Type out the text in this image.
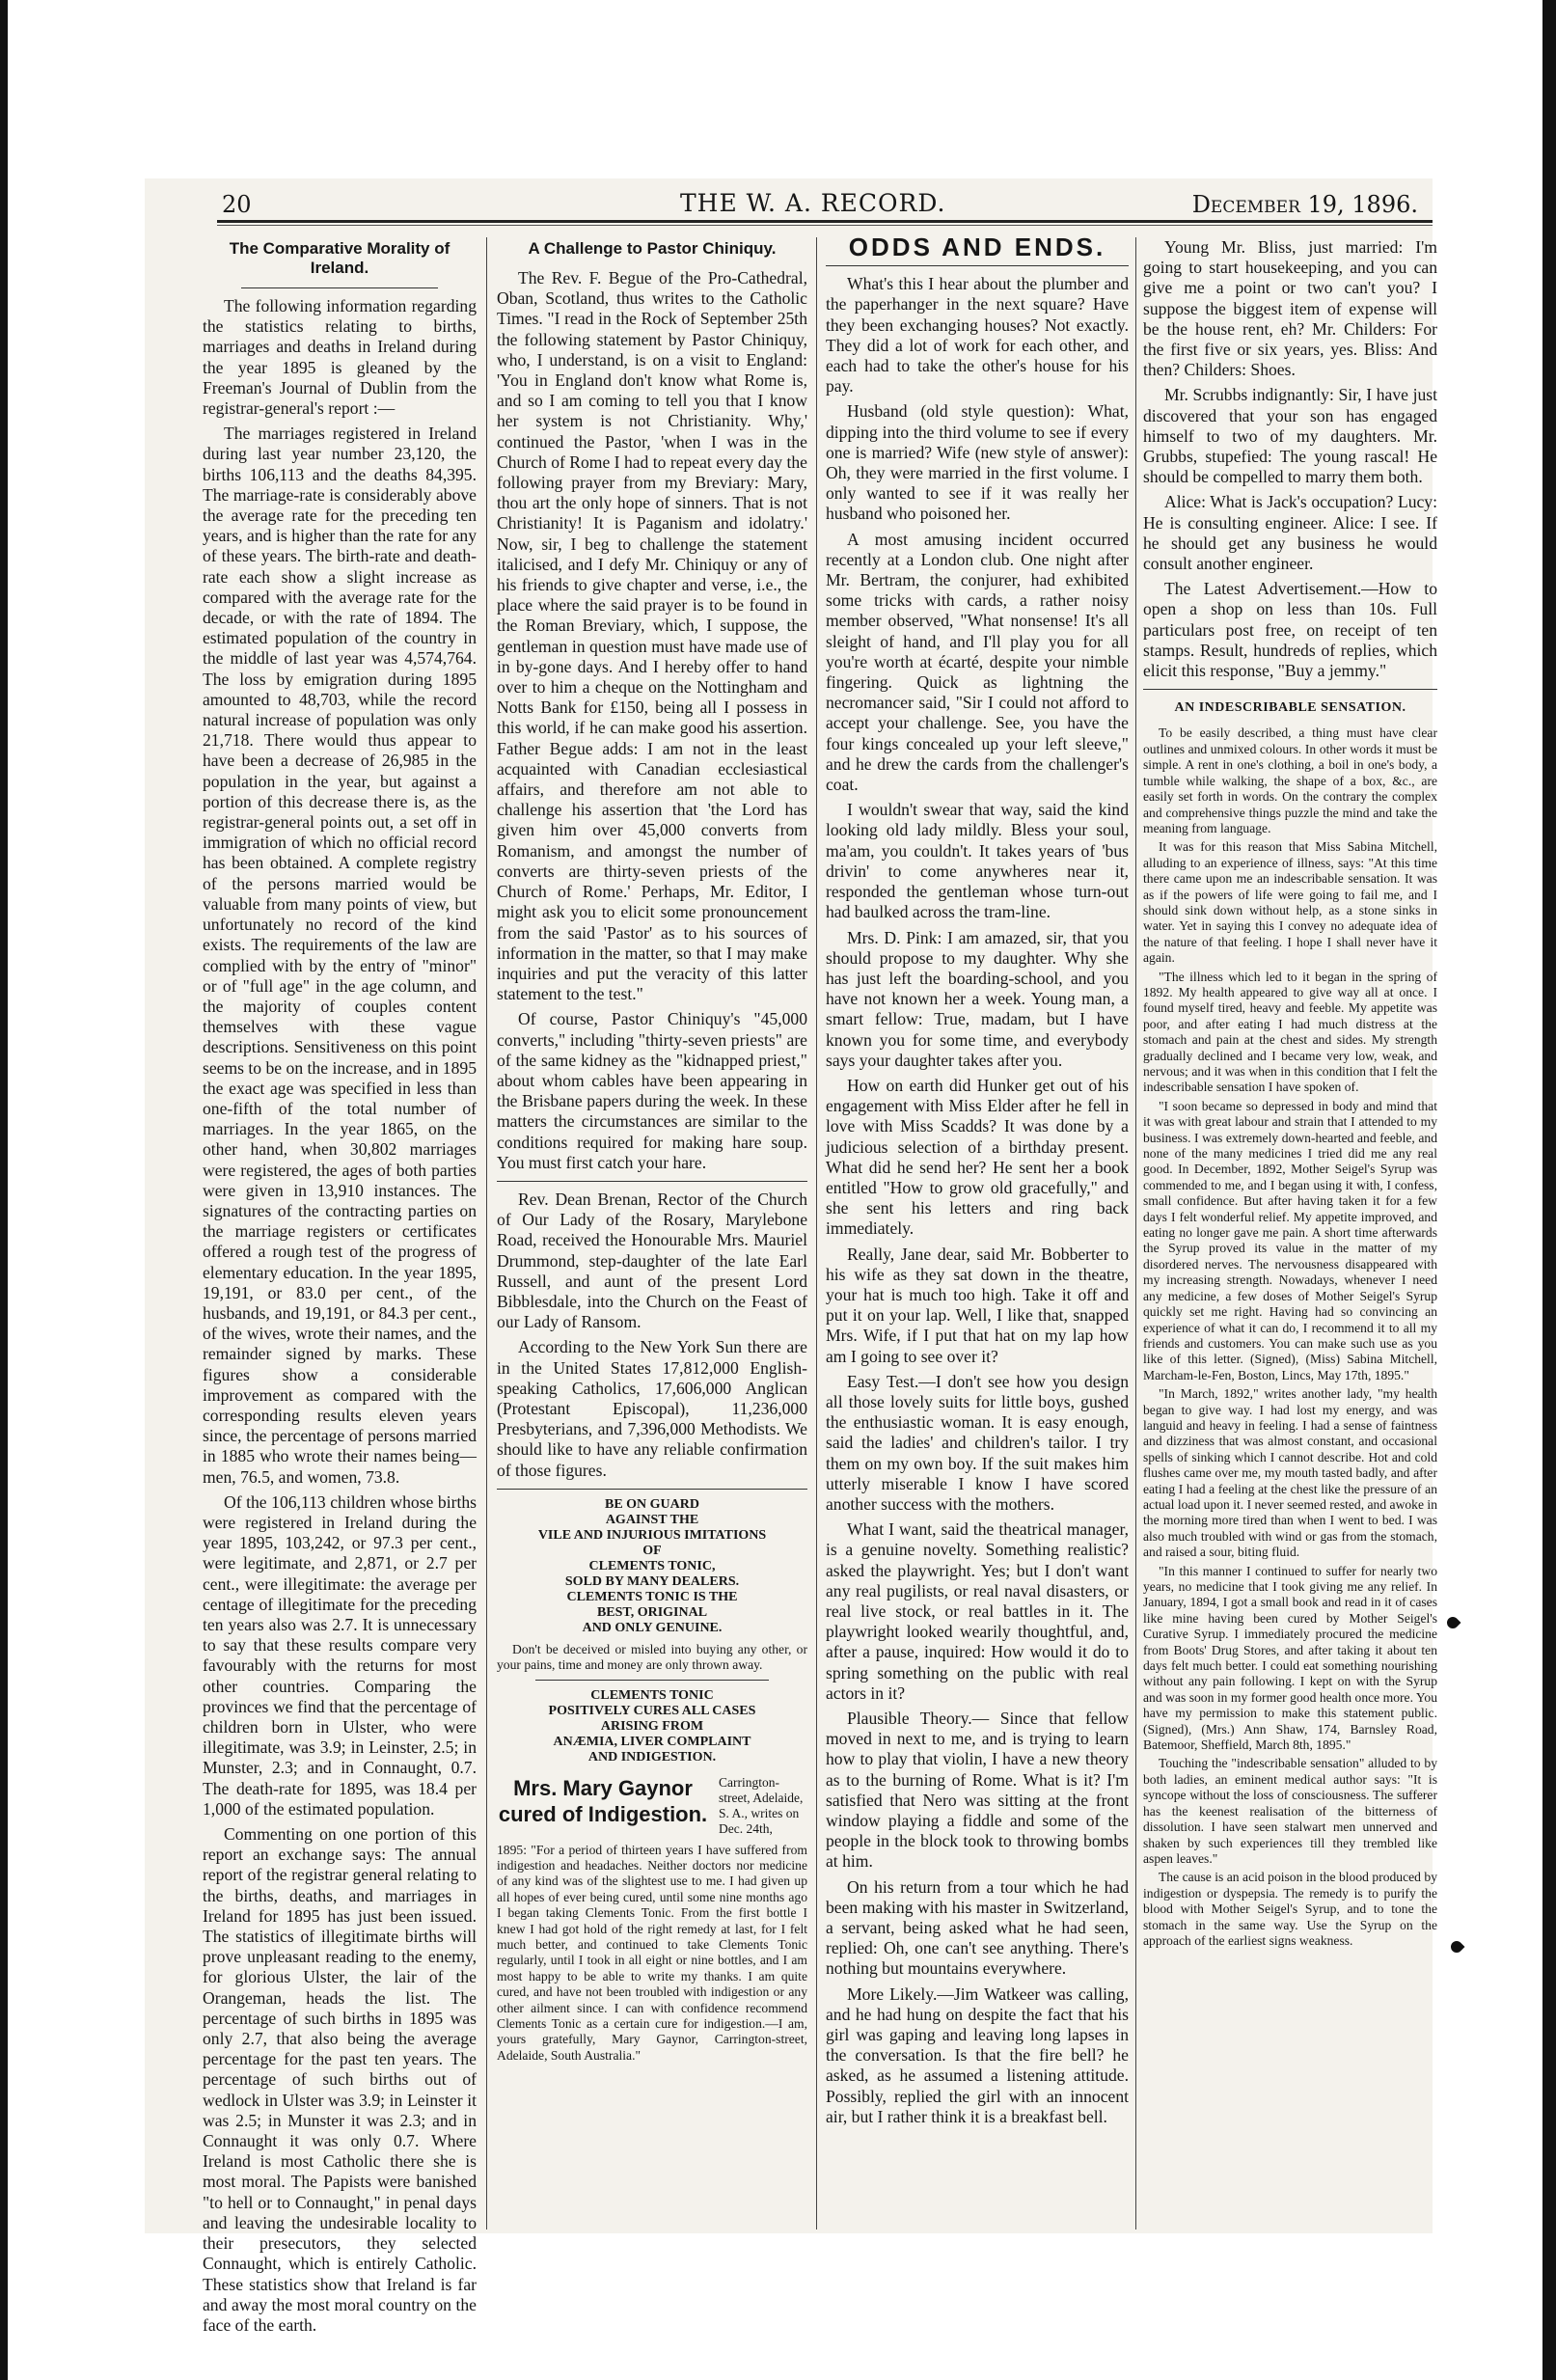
20	THE W. A. RECORD.	December 19, 1896.
The Comparative Morality of Ireland.

The following information regarding the statistics relating to births, marriages and deaths in Ireland during the year 1895 is gleaned by the Freeman's Journal of Dublin from the registrar-general's report :—

The marriages registered in Ireland during last year number 23,120, the births 106,113 and the deaths 84,395. The marriage-rate is considerably above the average rate for the preceding ten years, and is higher than the rate for any of these years. The birth-rate and death-rate each show a slight increase as compared with the average rate for the decade, or with the rate of 1894. The estimated population of the country in the middle of last year was 4,574,764. The loss by emigration during 1895 amounted to 48,703, while the record natural increase of population was only 21,718. There would thus appear to have been a decrease of 26,985 in the population in the year, but against a portion of this decrease there is, as the registrar-general points out, a set off in immigration of which no official record has been obtained. A complete registry of the persons married would be valuable from many points of view, but unfortunately no record of the kind exists. The requirements of the law are complied with by the entry of "minor" or of "full age" in the age column, and the majority of couples content themselves with these vague descriptions. Sensitiveness on this point seems to be on the increase, and in 1895 the exact age was specified in less than one-fifth of the total number of marriages. In the year 1865, on the other hand, when 30,802 marriages were registered, the ages of both parties were given in 13,910 instances. The signatures of the contracting parties on the marriage registers or certificates offered a rough test of the progress of elementary education. In the year 1895, 19,191, or 83.0 per cent., of the husbands, and 19,191, or 84.3 per cent., of the wives, wrote their names, and the remainder signed by marks. These figures show a considerable improvement as compared with the corresponding results eleven years since, the percentage of persons married in 1885 who wrote their names being—men, 76.5, and women, 73.8.

Of the 106,113 children whose births were registered in Ireland during the year 1895, 103,242, or 97.3 per cent., were legitimate, and 2,871, or 2.7 per cent., were illegitimate: the average per centage of illegitimate for the preceding ten years also was 2.7. It is unnecessary to say that these results compare very favourably with the returns for most other countries. Comparing the provinces we find that the percentage of children born in Ulster, who were illegitimate, was 3.9; in Leinster, 2.5; in Munster, 2.3; and in Connaught, 0.7. The death-rate for 1895, was 18.4 per 1,000 of the estimated population.

Commenting on one portion of this report an exchange says: The annual report of the registrar general relating to the births, deaths, and marriages in Ireland for 1895 has just been issued. The statistics of illegitimate births will prove unpleasant reading to the enemy, for glorious Ulster, the lair of the Orangeman, heads the list. The percentage of such births in 1895 was only 2.7, that also being the average percentage for the past ten years. The percentage of such births out of wedlock in Ulster was 3.9; in Leinster it was 2.5; in Munster it was 2.3; and in Connaught it was only 0.7. Where Ireland is most Catholic there she is most moral. The Papists were banished "to hell or to Connaught," in penal days and leaving the undesirable locality to their presecutors, they selected Connaught, which is entirely Catholic. These statistics show that Ireland is far and away the most moral country on the face of the earth.

A Challenge to Pastor Chiniquy.

The Rev. F. Begue of the Pro-Cathedral, Oban, Scotland, thus writes to the Catholic Times. "I read in the Rock of September 25th the following statement by Pastor Chiniquy, who, I understand, is on a visit to England: 'You in England don't know what Rome is, and so I am coming to tell you that I know her system is not Christianity. Why,' continued the Pastor, 'when I was in the Church of Rome I had to repeat every day the following prayer from my Breviary: Mary, thou art the only hope of sinners. That is not Christianity! It is Paganism and idolatry.' Now, sir, I beg to challenge the statement italicised, and I defy Mr. Chiniquy or any of his friends to give chapter and verse, i.e., the place where the said prayer is to be found in the Roman Breviary, which, I suppose, the gentleman in question must have made use of in by-gone days. And I hereby offer to hand over to him a cheque on the Nottingham and Notts Bank for £150, being all I possess in this world, if he can make good his assertion. Father Begue adds: I am not in the least acquainted with Canadian ecclesiastical affairs, and therefore am not able to challenge his assertion that 'the Lord has given him over 45,000 converts from Romanism, and amongst the number of converts are thirty-seven priests of the Church of Rome.' Perhaps, Mr. Editor, I might ask you to elicit some pronouncement from the said 'Pastor' as to his sources of information in the matter, so that I may make inquiries and put the veracity of this latter statement to the test."

Of course, Pastor Chiniquy's "45,000 converts," including "thirty-seven priests" are of the same kidney as the "kidnapped priest," about whom cables have been appearing in the Brisbane papers during the week. In these matters the circumstances are similar to the conditions required for making hare soup. You must first catch your hare.

Rev. Dean Brenan, Rector of the Church of Our Lady of the Rosary, Marylebone Road, received the Honourable Mrs. Mauriel Drummond, step-daughter of the late Earl Russell, and aunt of the present Lord Bibblesdale, into the Church on the Feast of our Lady of Ransom.

According to the New York Sun there are in the United States 17,812,000 English-speaking Catholics, 17,606,000 Anglican (Protestant Episcopal), 11,236,000 Presbyterians, and 7,396,000 Methodists. We should like to have any reliable confirmation of those figures.

BE ON GUARD
AGAINST THE
VILE AND INJURIOUS IMITATIONS
OF
CLEMENTS TONIC,
SOLD BY MANY DEALERS.
CLEMENTS TONIC IS THE
BEST, ORIGINAL
AND ONLY GENUINE.

Don't be deceived or misled into buying any other, or your pains, time and money are only thrown away.

CLEMENTS TONIC
POSITIVELY CURES ALL CASES
ARISING FROM
ANÆMIA, LIVER COMPLAINT
AND INDIGESTION.
Mrs. Mary Gaynor cured of Indigestion.
Carrington-street, Adelaide, S. A., writes on Dec. 24th,

1895: "For a period of thirteen years I have suffered from indigestion and headaches. Neither doctors nor medicine of any kind was of the slightest use to me. I had given up all hopes of ever being cured, until some nine months ago I began taking Clements Tonic. From the first bottle I knew I had got hold of the right remedy at last, for I felt much better, and continued to take Clements Tonic regularly, until I took in all eight or nine bottles, and I am most happy to be able to write my thanks. I am quite cured, and have not been troubled with indigestion or any other ailment since. I can with confidence recommend Clements Tonic as a certain cure for indigestion.—I am, yours gratefully, Mary Gaynor, Carrington-street, Adelaide, South Australia."

ODDS AND ENDS.

What's this I hear about the plumber and the paperhanger in the next square? Have they been exchanging houses? Not exactly. They did a lot of work for each other, and each had to take the other's house for his pay.

Husband (old style question): What, dipping into the third volume to see if every one is married? Wife (new style of answer): Oh, they were married in the first volume. I only wanted to see if it was really her husband who poisoned her.

A most amusing incident occurred recently at a London club. One night after Mr. Bertram, the conjurer, had exhibited some tricks with cards, a rather noisy member observed, "What nonsense! It's all sleight of hand, and I'll play you for all you're worth at écarté, despite your nimble fingering. Quick as lightning the necromancer said, "Sir I could not afford to accept your challenge. See, you have the four kings concealed up your left sleeve," and he drew the cards from the challenger's coat.

I wouldn't swear that way, said the kind looking old lady mildly. Bless your soul, ma'am, you couldn't. It takes years of 'bus drivin' to come anywheres near it, responded the gentleman whose turn-out had baulked across the tram-line.

Mrs. D. Pink: I am amazed, sir, that you should propose to my daughter. Why she has just left the boarding-school, and you have not known her a week. Young man, a smart fellow: True, madam, but I have known you for some time, and everybody says your daughter takes after you.

How on earth did Hunker get out of his engagement with Miss Elder after he fell in love with Miss Scadds? It was done by a judicious selection of a birthday present. What did he send her? He sent her a book entitled "How to grow old gracefully," and she sent his letters and ring back immediately.

Really, Jane dear, said Mr. Bobberter to his wife as they sat down in the theatre, your hat is much too high. Take it off and put it on your lap. Well, I like that, snapped Mrs. Wife, if I put that hat on my lap how am I going to see over it?

Easy Test.—I don't see how you design all those lovely suits for little boys, gushed the enthusiastic woman. It is easy enough, said the ladies' and children's tailor. I try them on my own boy. If the suit makes him utterly miserable I know I have scored another success with the mothers.

What I want, said the theatrical manager, is a genuine novelty. Something realistic? asked the playwright. Yes; but I don't want any real pugilists, or real naval disasters, or real live stock, or real battles in it. The playwright looked wearily thoughtful, and, after a pause, inquired: How would it do to spring something on the public with real actors in it?

Plausible Theory.— Since that fellow moved in next to me, and is trying to learn how to play that violin, I have a new theory as to the burning of Rome. What is it? I'm satisfied that Nero was sitting at the front window playing a fiddle and some of the people in the block took to throwing bombs at him.

On his return from a tour which he had been making with his master in Switzerland, a servant, being asked what he had seen, replied: Oh, one can't see anything. There's nothing but mountains everywhere.

More Likely.—Jim Watkeer was calling, and he had hung on despite the fact that his girl was gaping and leaving long lapses in the conversation. Is that the fire bell? he asked, as he assumed a listening attitude. Possibly, replied the girl with an innocent air, but I rather think it is a breakfast bell.

Young Mr. Bliss, just married: I'm going to start housekeeping, and you can give me a point or two can't you? I suppose the biggest item of expense will be the house rent, eh? Mr. Childers: For the first five or six years, yes. Bliss: And then? Childers: Shoes.

Mr. Scrubbs indignantly: Sir, I have just discovered that your son has engaged himself to two of my daughters. Mr. Grubbs, stupefied: The young rascal! He should be compelled to marry them both.

Alice: What is Jack's occupation? Lucy: He is consulting engineer. Alice: I see. If he should get any business he would consult another engineer.

The Latest Advertisement.—How to open a shop on less than 10s. Full particulars post free, on receipt of ten stamps. Result, hundreds of replies, which elicit this response, "Buy a jemmy."

AN INDESCRIBABLE SENSATION.

To be easily described, a thing must have clear outlines and unmixed colours. In other words it must be simple. A rent in one's clothing, a boil in one's body, a tumble while walking, the shape of a box, &c., are easily set forth in words. On the contrary the complex and comprehensive things puzzle the mind and take the meaning from language.

It was for this reason that Miss Sabina Mitchell, alluding to an experience of illness, says: "At this time there came upon me an indescribable sensation. It was as if the powers of life were going to fail me, and I should sink down without help, as a stone sinks in water. Yet in saying this I convey no adequate idea of the nature of that feeling. I hope I shall never have it again.

"The illness which led to it began in the spring of 1892. My health appeared to give way all at once. I found myself tired, heavy and feeble. My appetite was poor, and after eating I had much distress at the stomach and pain at the chest and sides. My strength gradually declined and I became very low, weak, and nervous; and it was when in this condition that I felt the indescribable sensation I have spoken of.

"I soon became so depressed in body and mind that it was with great labour and strain that I attended to my business. I was extremely down-hearted and feeble, and none of the many medicines I tried did me any real good. In December, 1892, Mother Seigel's Syrup was commended to me, and I began using it with, I confess, small confidence. But after having taken it for a few days I felt wonderful relief. My appetite improved, and eating no longer gave me pain. A short time afterwards the Syrup proved its value in the matter of my disordered nerves. The nervousness disappeared with my increasing strength. Nowadays, whenever I need any medicine, a few doses of Mother Seigel's Syrup quickly set me right. Having had so convincing an experience of what it can do, I recommend it to all my friends and customers. You can make such use as you like of this letter. (Signed), (Miss) Sabina Mitchell, Marcham-le-Fen, Boston, Lincs, May 17th, 1895."

"In March, 1892," writes another lady, "my health began to give way. I had lost my energy, and was languid and heavy in feeling. I had a sense of faintness and dizziness that was almost constant, and occasional spells of sinking which I cannot describe. Hot and cold flushes came over me, my mouth tasted badly, and after eating I had a feeling at the chest like the pressure of an actual load upon it. I never seemed rested, and awoke in the morning more tired than when I went to bed. I was also much troubled with wind or gas from the stomach, and raised a sour, biting fluid.

"In this manner I continued to suffer for nearly two years, no medicine that I took giving me any relief. In January, 1894, I got a small book and read in it of cases like mine having been cured by Mother Seigel's Curative Syrup. I immediately procured the medicine from Boots' Drug Stores, and after taking it about ten days felt much better. I could eat something nourishing without any pain following. I kept on with the Syrup and was soon in my former good health once more. You have my permission to make this statement public. (Signed), (Mrs.) Ann Shaw, 174, Barnsley Road, Batemoor, Sheffield, March 8th, 1895."

Touching the "indescribable sensation" alluded to by both ladies, an eminent medical author says: "It is syncope without the loss of consciousness. The sufferer has the keenest realisation of the bitterness of dissolution. I have seen stalwart men unnerved and shaken by such experiences till they trembled like aspen leaves."

The cause is an acid poison in the blood produced by indigestion or dyspepsia. The remedy is to purify the blood with Mother Seigel's Syrup, and to tone the stomach in the same way. Use the Syrup on the approach of the earliest signs weakness.
